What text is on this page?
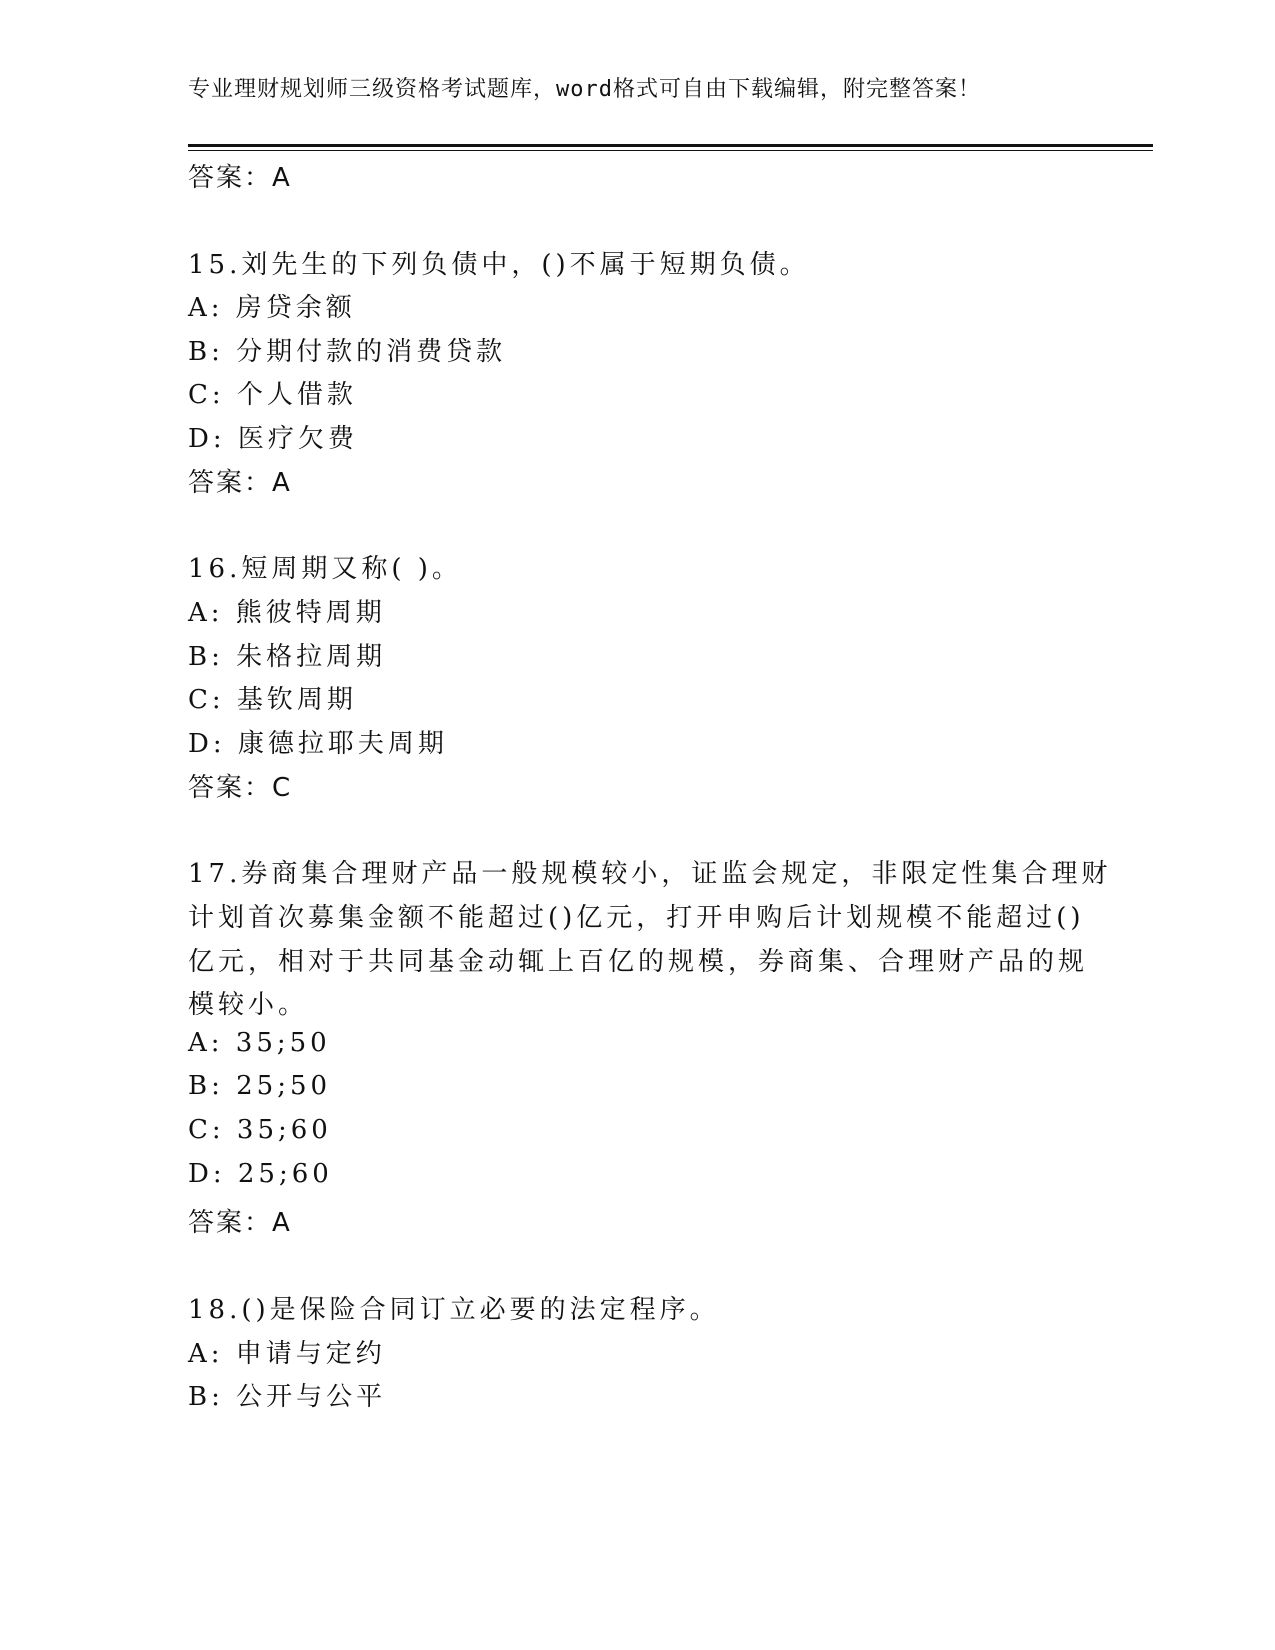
专业理财规划师三级资格考试题库，word格式可自由下载编辑，附完整答案！
答案：A
15.刘先生的下列负债中，()不属于短期负债。
A: 房贷余额
B: 分期付款的消费贷款
C: 个人借款
D: 医疗欠费
答案：A
16.短周期又称( )。
A: 熊彼特周期
B: 朱格拉周期
C: 基钦周期
D: 康德拉耶夫周期
答案：C
17.券商集合理财产品一般规模较小，证监会规定，非限定性集合理财
计划首次募集金额不能超过()亿元，打开申购后计划规模不能超过()
亿元，相对于共同基金动辄上百亿的规模，券商集、合理财产品的规
模较小。
A: 35;50
B: 25;50
C: 35;60
D: 25;60
答案：A
18.()是保险合同订立必要的法定程序。
A: 申请与定约
B: 公开与公平
